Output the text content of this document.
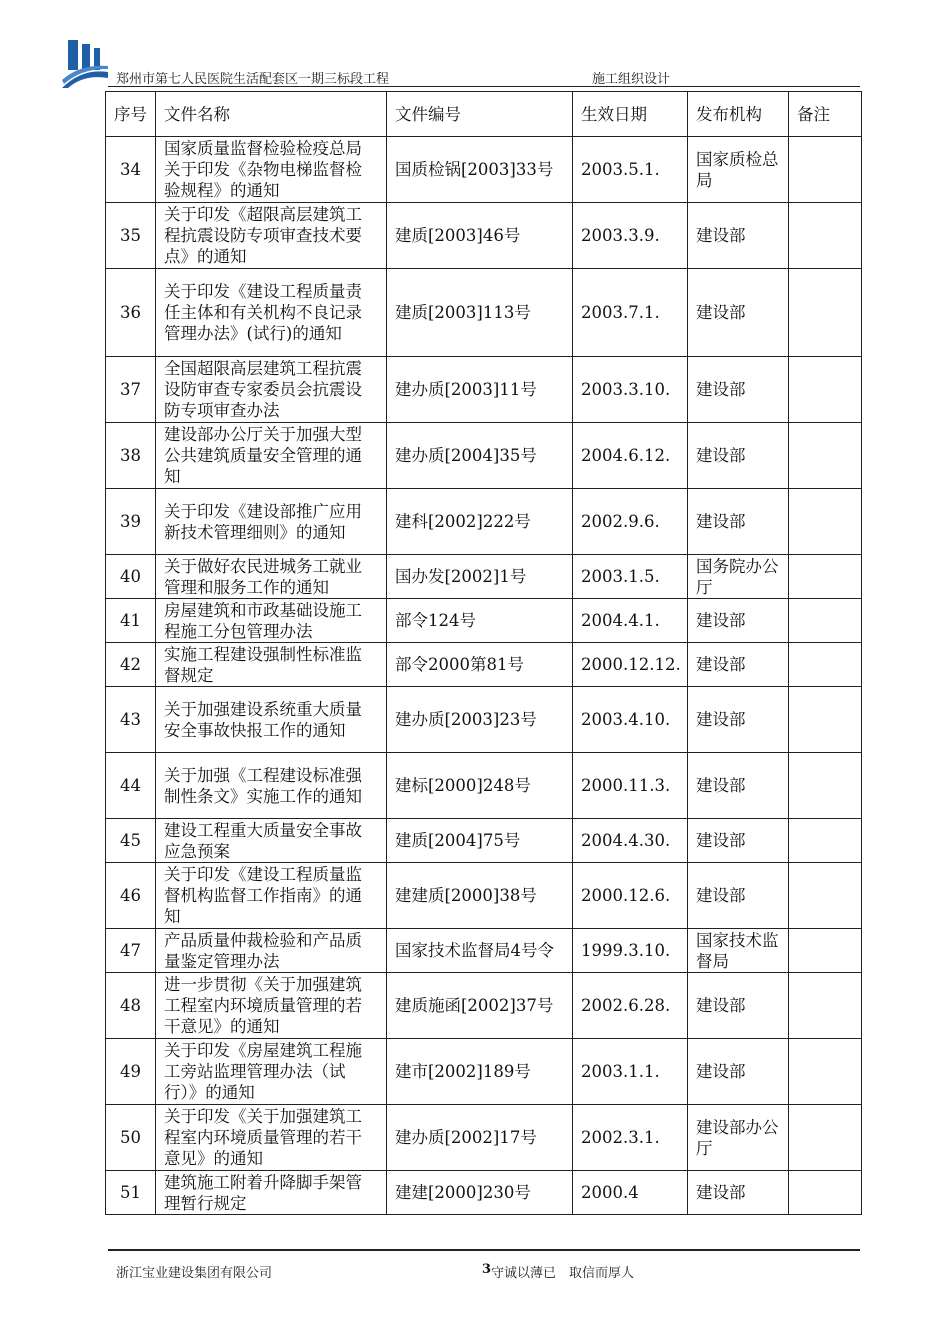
郑州市第七人民医院生活配套区一期三标段工程	施工组织设计
序号	文件名称	文件编号	生效日期	发布机构	备注
34	国家质量监督检验检疫总局关于印发《杂物电梯监督检验规程》的通知	国质检锅[2003]33号	2003.5.1.	国家质检总局	
35	关于印发《超限高层建筑工程抗震设防专项审查技术要点》的通知	建质[2003]46号	2003.3.9.	建设部	
36	关于印发《建设工程质量责任主体和有关机构不良记录管理办法》(试行)的通知	建质[2003]113号	2003.7.1.	建设部	
37	全国超限高层建筑工程抗震设防审查专家委员会抗震设防专项审查办法	建办质[2003]11号	2003.3.10.	建设部	
38	建设部办公厅关于加强大型公共建筑质量安全管理的通知	建办质[2004]35号	2004.6.12.	建设部	
39	关于印发《建设部推广应用新技术管理细则》的通知	建科[2002]222号	2002.9.6.	建设部	
40	关于做好农民进城务工就业管理和服务工作的通知	国办发[2002]1号	2003.1.5.	国务院办公厅	
41	房屋建筑和市政基础设施工程施工分包管理办法	部令124号	2004.4.1.	建设部	
42	实施工程建设强制性标准监督规定	部令2000第81号	2000.12.12.	建设部	
43	关于加强建设系统重大质量安全事故快报工作的通知	建办质[2003]23号	2003.4.10.	建设部	
44	关于加强《工程建设标准强制性条文》实施工作的通知	建标[2000]248号	2000.11.3.	建设部	
45	建设工程重大质量安全事故应急预案	建质[2004]75号	2004.4.30.	建设部	
46	关于印发《建设工程质量监督机构监督工作指南》的通知	建建质[2000]38号	2000.12.6.	建设部	
47	产品质量仲裁检验和产品质量鉴定管理办法	国家技术监督局4号令	1999.3.10.	国家技术监督局	
48	进一步贯彻《关于加强建筑工程室内环境质量管理的若干意见》的通知	建质施函[2002]37号	2002.6.28.	建设部	
49	关于印发《房屋建筑工程施工旁站监理管理办法（试行）》的通知	建市[2002]189号	2003.1.1.	建设部	
50	关于印发《关于加强建筑工程室内环境质量管理的若干意见》的通知	建办质[2002]17号	2002.3.1.	建设部办公厅	
51	建筑施工附着升降脚手架管理暂行规定	建建[2000]230号	2000.4	建设部	
浙江宝业建设集团有限公司	3 守诚以薄已　取信而厚人
